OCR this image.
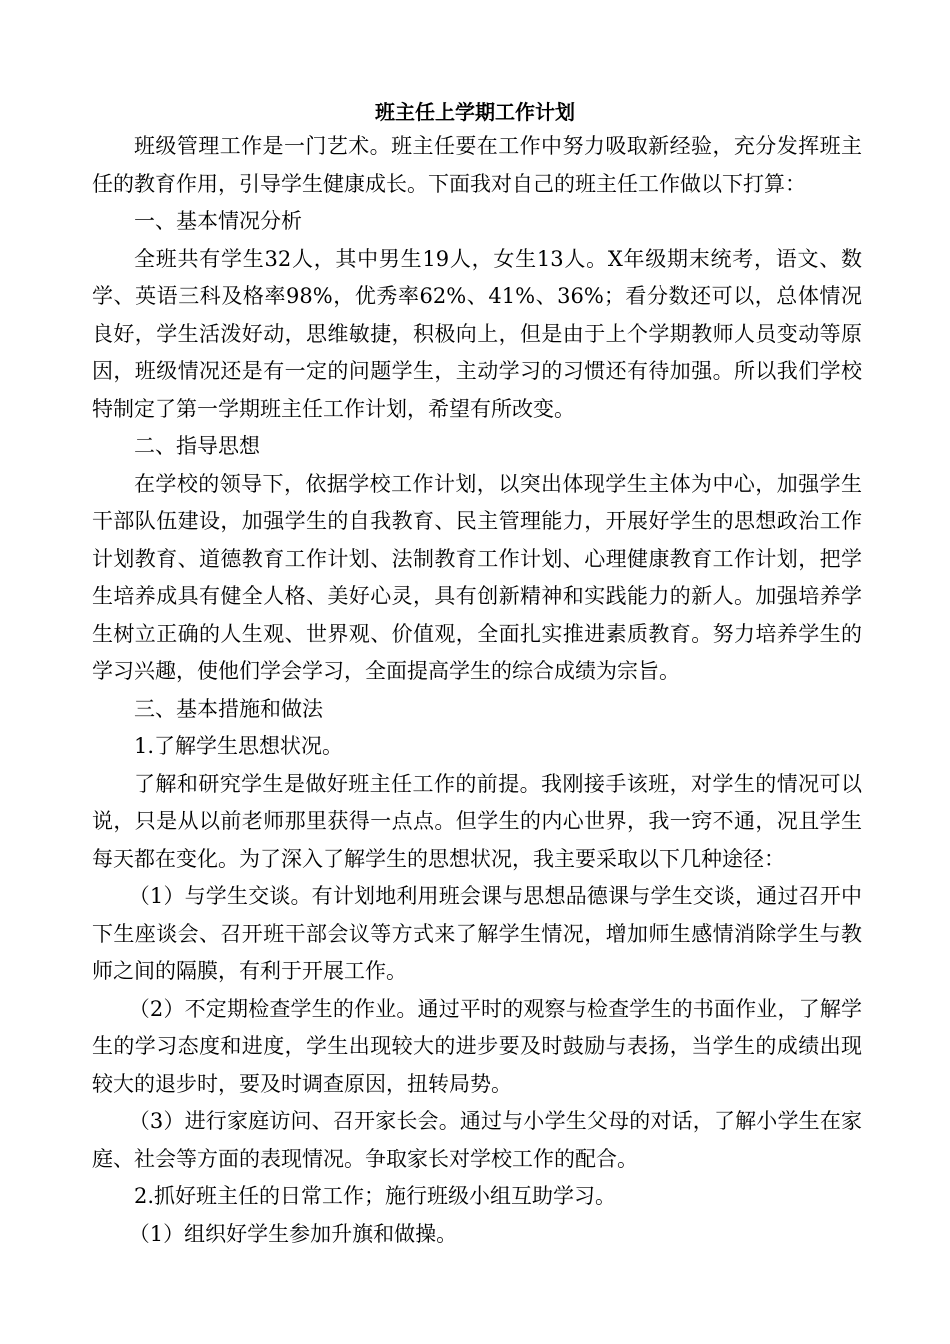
班主任上学期工作计划

班级管理工作是一门艺术。班主任要在工作中努力吸取新经验，充分发挥班主任的教育作用，引导学生健康成长。下面我对自己的班主任工作做以下打算：

一、基本情况分析

全班共有学生32人，其中男生19人，女生13人。X年级期末统考，语文、数学、英语三科及格率98%，优秀率62%、41%、36%；看分数还可以，总体情况良好，学生活泼好动，思维敏捷，积极向上，但是由于上个学期教师人员变动等原因，班级情况还是有一定的问题学生，主动学习的习惯还有待加强。所以我们学校特制定了第一学期班主任工作计划，希望有所改变。

二、指导思想

在学校的领导下，依据学校工作计划，以突出体现学生主体为中心，加强学生干部队伍建设，加强学生的自我教育、民主管理能力，开展好学生的思想政治工作计划教育、道德教育工作计划、法制教育工作计划、心理健康教育工作计划，把学生培养成具有健全人格、美好心灵，具有创新精神和实践能力的新人。加强培养学生树立正确的人生观、世界观、价值观，全面扎实推进素质教育。努力培养学生的学习兴趣，使他们学会学习，全面提高学生的综合成绩为宗旨。

三、基本措施和做法

1.了解学生思想状况。

了解和研究学生是做好班主任工作的前提。我刚接手该班，对学生的情况可以说，只是从以前老师那里获得一点点。但学生的内心世界，我一窍不通，况且学生每天都在变化。为了深入了解学生的思想状况，我主要采取以下几种途径：

（1）与学生交谈。有计划地利用班会课与思想品德课与学生交谈，通过召开中下生座谈会、召开班干部会议等方式来了解学生情况，增加师生感情消除学生与教师之间的隔膜，有利于开展工作。

（2）不定期检查学生的作业。通过平时的观察与检查学生的书面作业，了解学生的学习态度和进度，学生出现较大的进步要及时鼓励与表扬，当学生的成绩出现较大的退步时，要及时调查原因，扭转局势。

（3）进行家庭访问、召开家长会。通过与小学生父母的对话，了解小学生在家庭、社会等方面的表现情况。争取家长对学校工作的配合。

2.抓好班主任的日常工作；施行班级小组互助学习。

（1）组织好学生参加升旗和做操。
